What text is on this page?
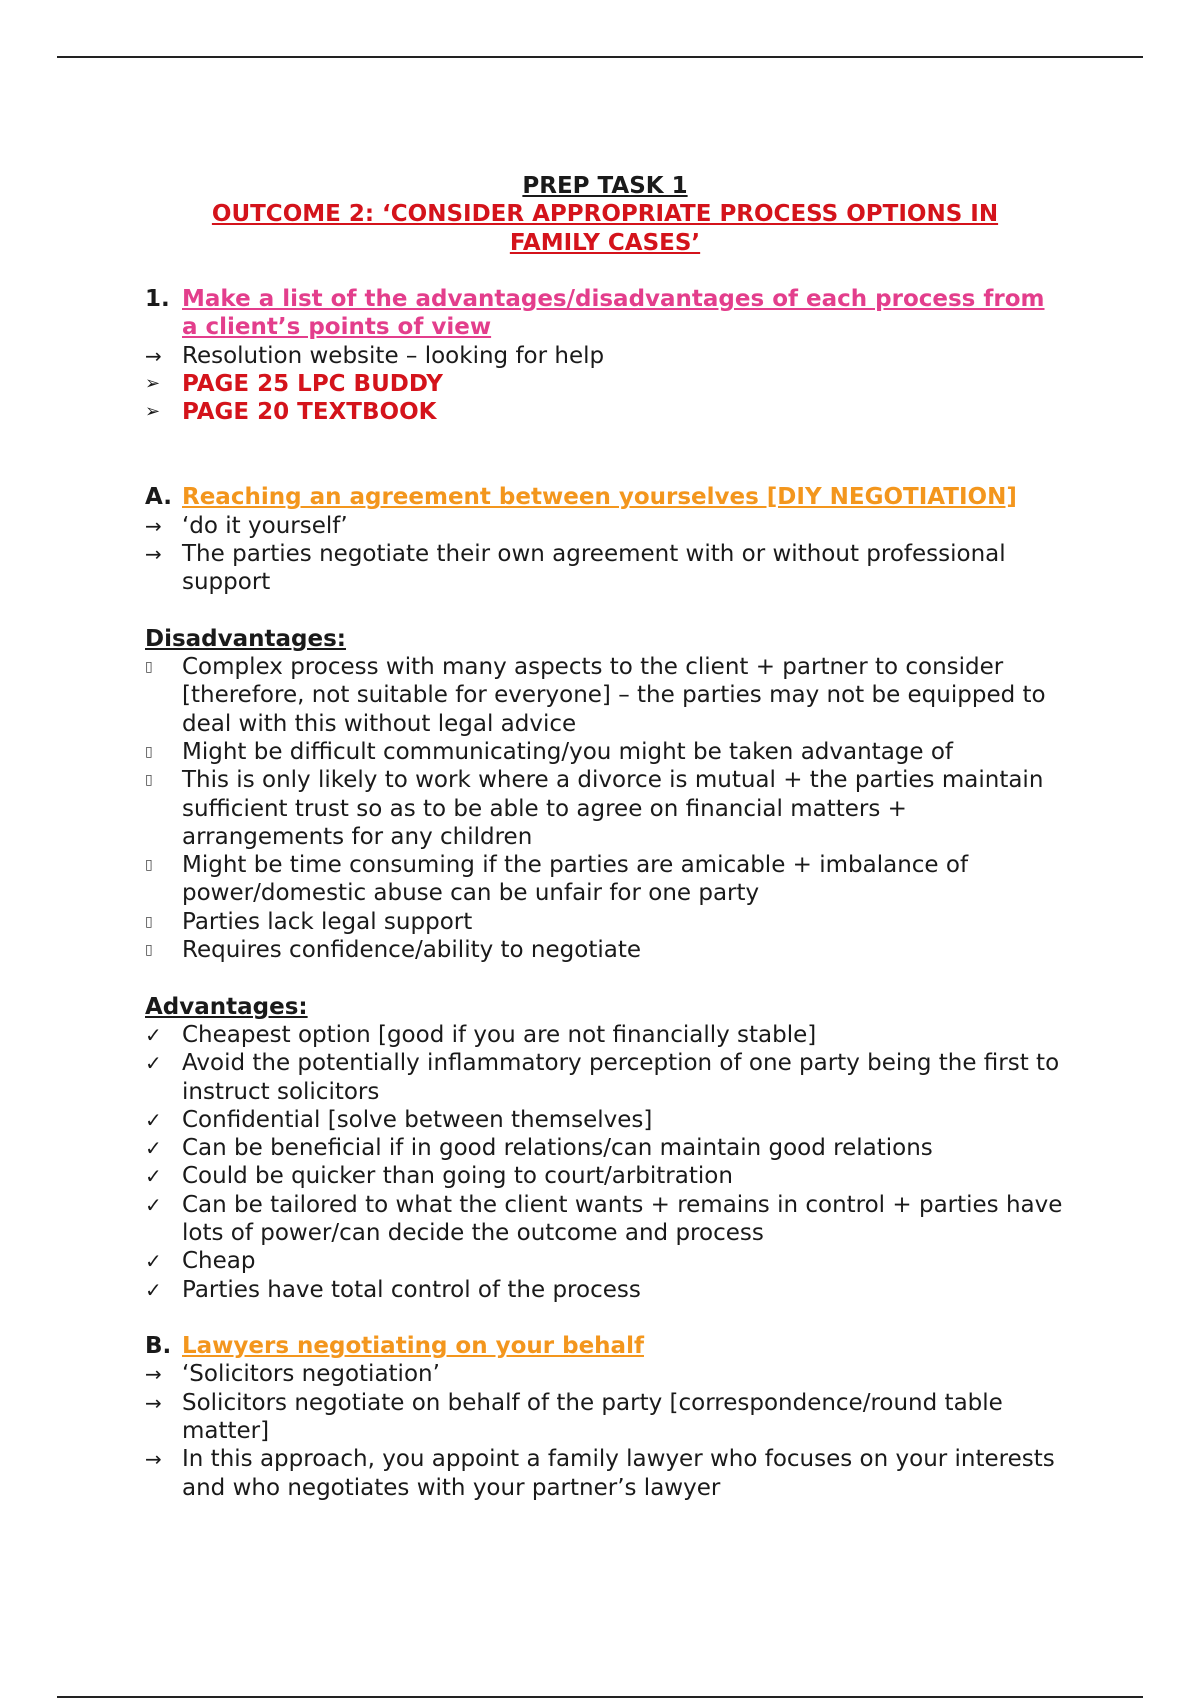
PREP TASK 1
OUTCOME 2: ‘CONSIDER APPROPRIATE PROCESS OPTIONS IN FAMILY CASES’
1. Make a list of the advantages/disadvantages of each process from a client’s points of view
→ Resolution website – looking for help
➢ PAGE 25 LPC BUDDY
➢ PAGE 20 TEXTBOOK
A. Reaching an agreement between yourselves [DIY NEGOTIATION]
→ ‘do it yourself’
→ The parties negotiate their own agreement with or without professional support
Disadvantages:
▯	Complex process with many aspects to the client + partner to consider [therefore, not suitable for everyone] – the parties may not be equipped to deal with this without legal advice
▯	Might be difficult communicating/you might be taken advantage of
▯	This is only likely to work where a divorce is mutual + the parties maintain sufficient trust so as to be able to agree on financial matters + arrangements for any children
▯	Might be time consuming if the parties are amicable + imbalance of power/domestic abuse can be unfair for one party
▯	Parties lack legal support
▯	Requires confidence/ability to negotiate
Advantages:
✓ Cheapest option [good if you are not financially stable]
✓ Avoid the potentially inflammatory perception of one party being the first to instruct solicitors
✓ Confidential [solve between themselves]
✓ Can be beneficial if in good relations/can maintain good relations
✓ Could be quicker than going to court/arbitration
✓ Can be tailored to what the client wants + remains in control + parties have lots of power/can decide the outcome and process
✓ Cheap
✓ Parties have total control of the process
B. Lawyers negotiating on your behalf
→ ‘Solicitors negotiation’
→ Solicitors negotiate on behalf of the party [correspondence/round table matter]
→ In this approach, you appoint a family lawyer who focuses on your interests and who negotiates with your partner’s lawyer
